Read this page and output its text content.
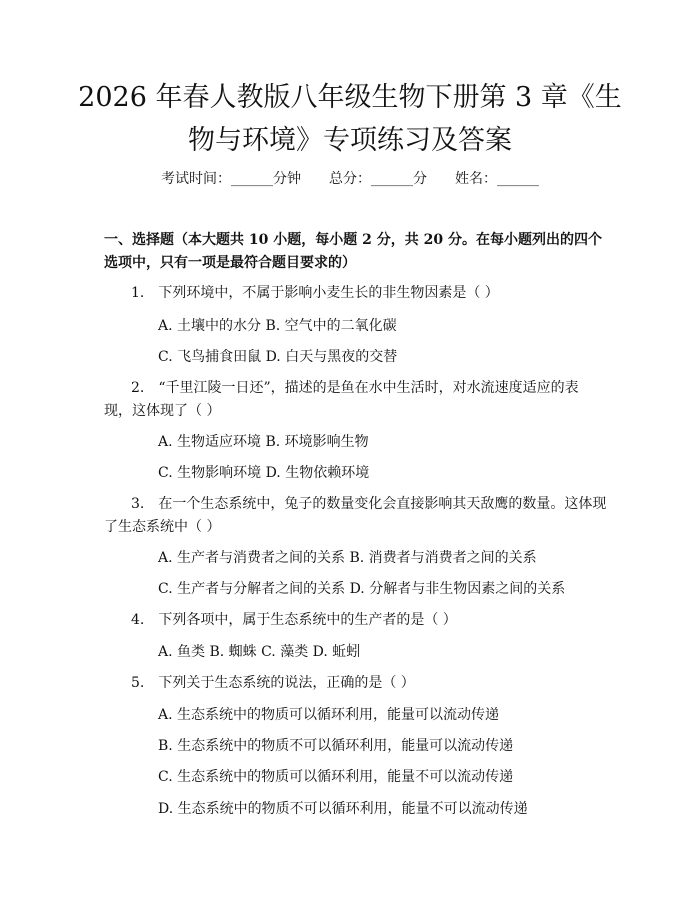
2026 年春人教版八年级生物下册第 3 章《生
物与环境》专项练习及答案
考试时间：______分钟　　总分：______分　　姓名：______

一、选择题（本大题共 10 小题，每小题 2 分，共 20 分。在每小题列出的四个选项中，只有一项是最符合题目要求的）

1.　下列环境中，不属于影响小麦生长的非生物因素是（ ）
A. 土壤中的水分 B. 空气中的二氧化碳
C. 飞鸟捕食田鼠 D. 白天与黑夜的交替
2.　“千里江陵一日还”，描述的是鱼在水中生活时，对水流速度适应的表
现，这体现了（ ）
A. 生物适应环境 B. 环境影响生物
C. 生物影响环境 D. 生物依赖环境
3.　在一个生态系统中，兔子的数量变化会直接影响其天敌鹰的数量。这体现
了生态系统中（ ）
A. 生产者与消费者之间的关系 B. 消费者与消费者之间的关系
C. 生产者与分解者之间的关系 D. 分解者与非生物因素之间的关系
4.　下列各项中，属于生态系统中的生产者的是（ ）
A. 鱼类 B. 蜘蛛 C. 藻类 D. 蚯蚓
5.　下列关于生态系统的说法，正确的是（ ）
A. 生态系统中的物质可以循环利用，能量可以流动传递
B. 生态系统中的物质不可以循环利用，能量可以流动传递
C. 生态系统中的物质可以循环利用，能量不可以流动传递
D. 生态系统中的物质不可以循环利用，能量不可以流动传递
